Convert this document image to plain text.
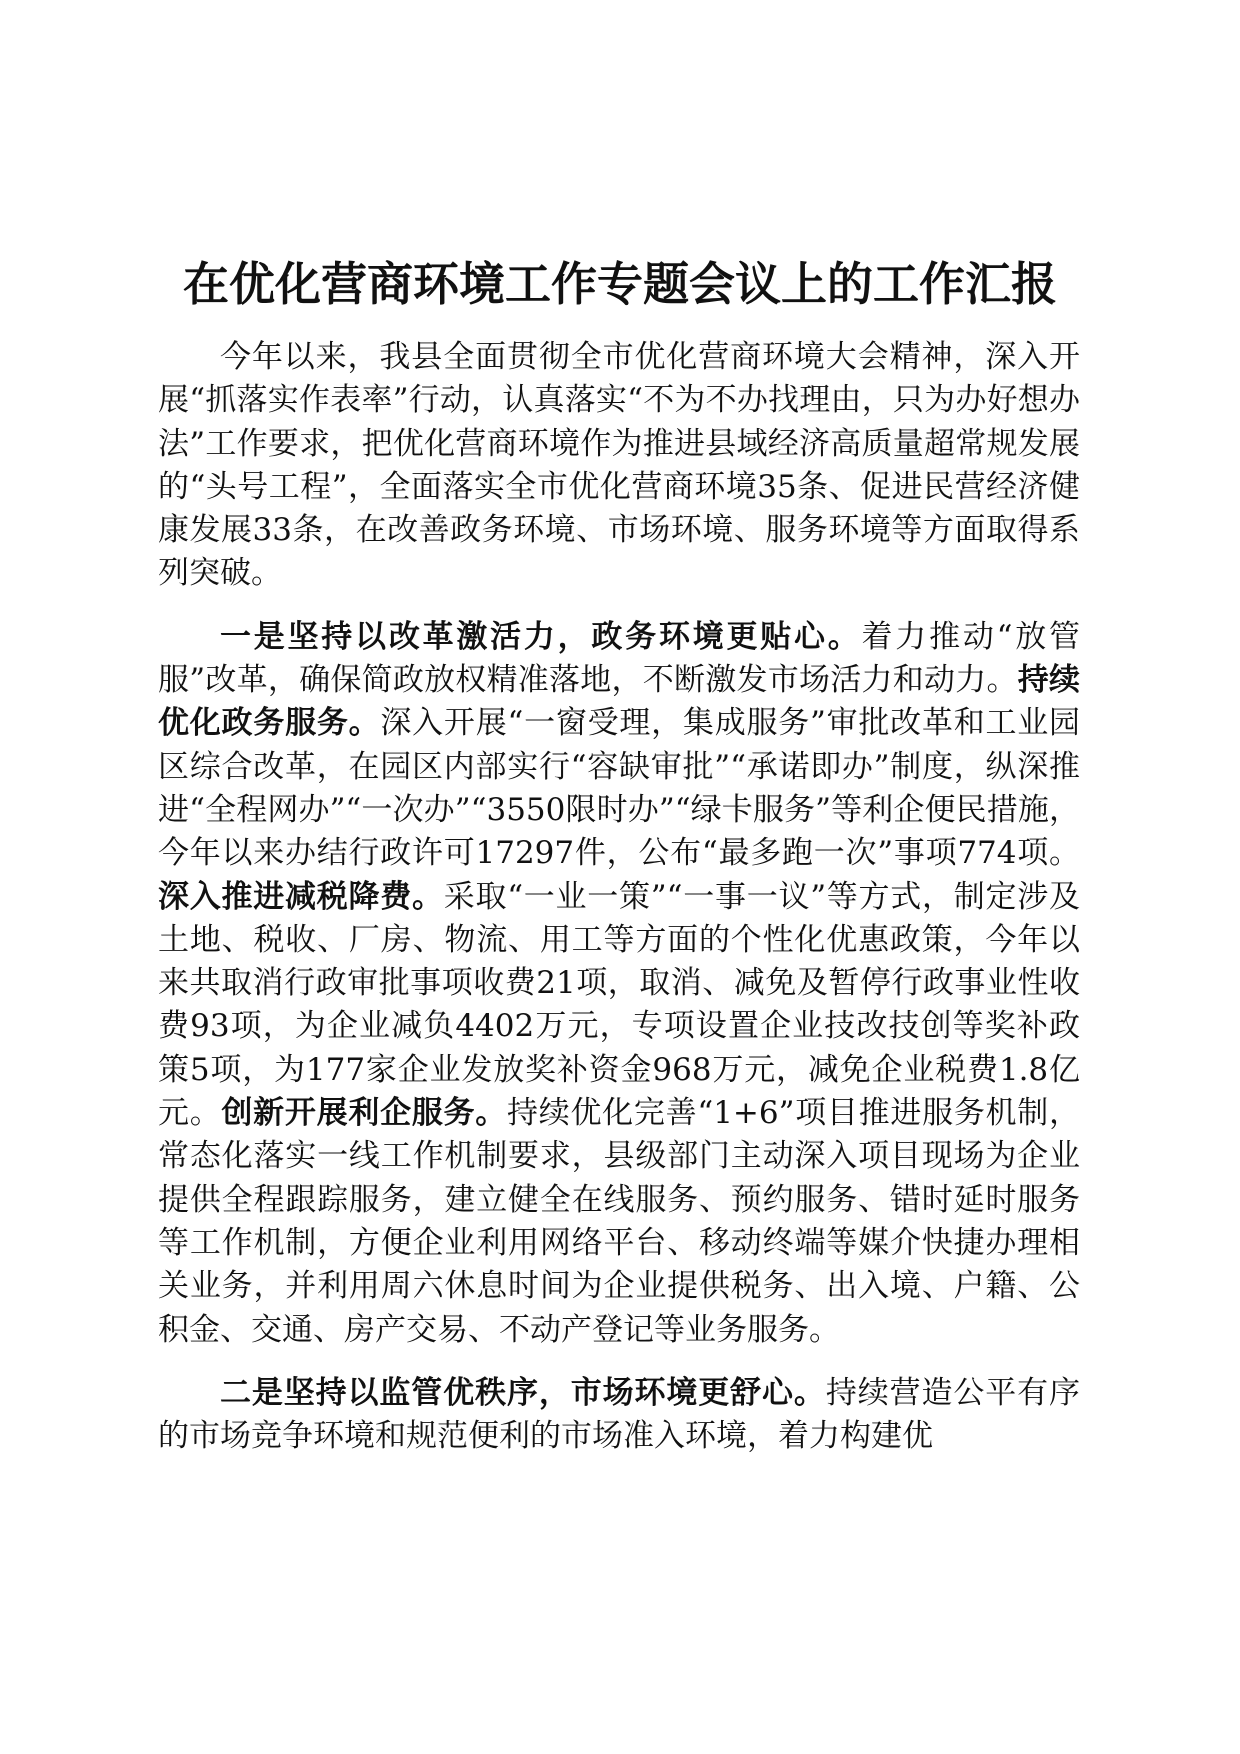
在优化营商环境工作专题会议上的工作汇报

今年以来，我县全面贯彻全市优化营商环境大会精神，深入开展“抓落实作表率”行动，认真落实“不为不办找理由，只为办好想办法”工作要求，把优化营商环境作为推进县域经济高质量超常规发展的“头号工程”，全面落实全市优化营商环境35条、促进民营经济健康发展33条，在改善政务环境、市场环境、服务环境等方面取得系列突破。

一是坚持以改革激活力，政务环境更贴心。着力推动“放管服”改革，确保简政放权精准落地，不断激发市场活力和动力。持续优化政务服务。深入开展“一窗受理，集成服务”审批改革和工业园区综合改革，在园区内部实行“容缺审批”“承诺即办”制度，纵深推进“全程网办”“一次办”“3550限时办”“绿卡服务”等利企便民措施，今年以来办结行政许可17297件，公布“最多跑一次”事项774项。深入推进减税降费。采取“一业一策”“一事一议”等方式，制定涉及土地、税收、厂房、物流、用工等方面的个性化优惠政策，今年以来共取消行政审批事项收费21项，取消、减免及暂停行政事业性收费93项，为企业减负4402万元，专项设置企业技改技创等奖补政策5项，为177家企业发放奖补资金968万元，减免企业税费1.8亿元。创新开展利企服务。持续优化完善“1+6”项目推进服务机制，常态化落实一线工作机制要求，县级部门主动深入项目现场为企业提供全程跟踪服务，建立健全在线服务、预约服务、错时延时服务等工作机制，方便企业利用网络平台、移动终端等媒介快捷办理相关业务，并利用周六休息时间为企业提供税务、出入境、户籍、公积金、交通、房产交易、不动产登记等业务服务。

二是坚持以监管优秩序，市场环境更舒心。持续营造公平有序的市场竞争环境和规范便利的市场准入环境，着力构建优
